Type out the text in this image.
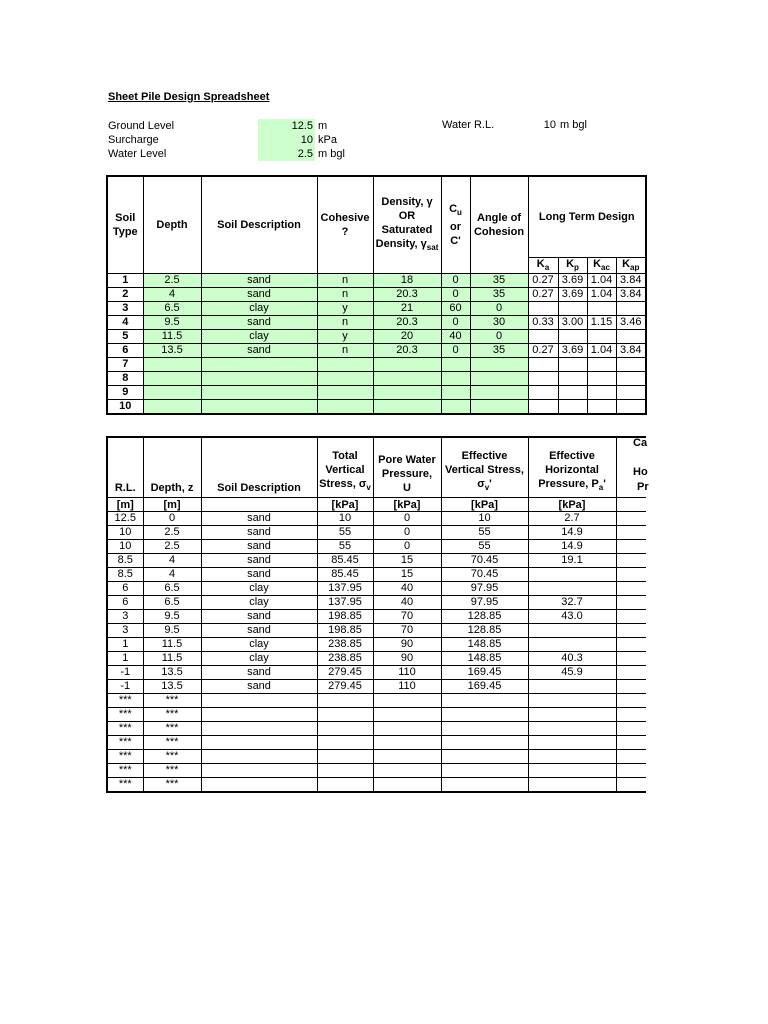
Sheet Pile Design Spreadsheet
Ground Level	12.5 m
Surcharge	10 kPa
Water Level	2.5 m bgl
Water R.L.	10 m bgl
Soil Type	Depth	Soil Description	Cohesive ?	Density, γ
OR
Saturated
Density, $\gamma_{sat}$	$C_u$
or
C'	Angle of Cohesion	Long Term Design			
							$K_a$	$K_p$	$K_{ac}$	$K_{ap}$
1	2.5	sand	n	18	0	35	0.27	3.69	1.04	3.84
2	4	sand	n	20.3	0	35	0.27	3.69	1.04	3.84
3	6.5	clay	y	21	60	0				
4	9.5	sand	n	20.3	0	30	0.33	3.00	1.15	3.46
5	11.5	clay	y	20	40	0				
6	13.5	sand	n	20.3	0	35	0.27	3.69	1.04	3.84
7										
8										
9										
10										
R.L.	Depth, z	Soil Description	Total
Vertical
Stress, $\sigma_v$	Pore Water
Pressure,
U	Effective
Vertical Stress,
$\sigma_v'$	Effective
Horizontal
Pressure, $P_a'$	
[m]	[m]		[kPa]	[kPa]	[kPa]	[kPa]	
12.5	0	sand	10	0	10	2.7	
10	2.5	sand	55	0	55	14.9	
10	2.5	sand	55	0	55	14.9	
8.5	4	sand	85.45	15	70.45	19.1	
8.5	4	sand	85.45	15	70.45		
6	6.5	clay	137.95	40	97.95		
6	6.5	clay	137.95	40	97.95	32.7	
3	9.5	sand	198.85	70	128.85	43.0	
3	9.5	sand	198.85	70	128.85		
1	11.5	clay	238.85	90	148.85		
1	11.5	clay	238.85	90	148.85	40.3	
-1	13.5	sand	279.45	110	169.45	45.9	
-1	13.5	sand	279.45	110	169.45		
***	***						
***	***						
***	***						
***	***						
***	***						
***	***						
***	***						
Ca
Ho
Pr
